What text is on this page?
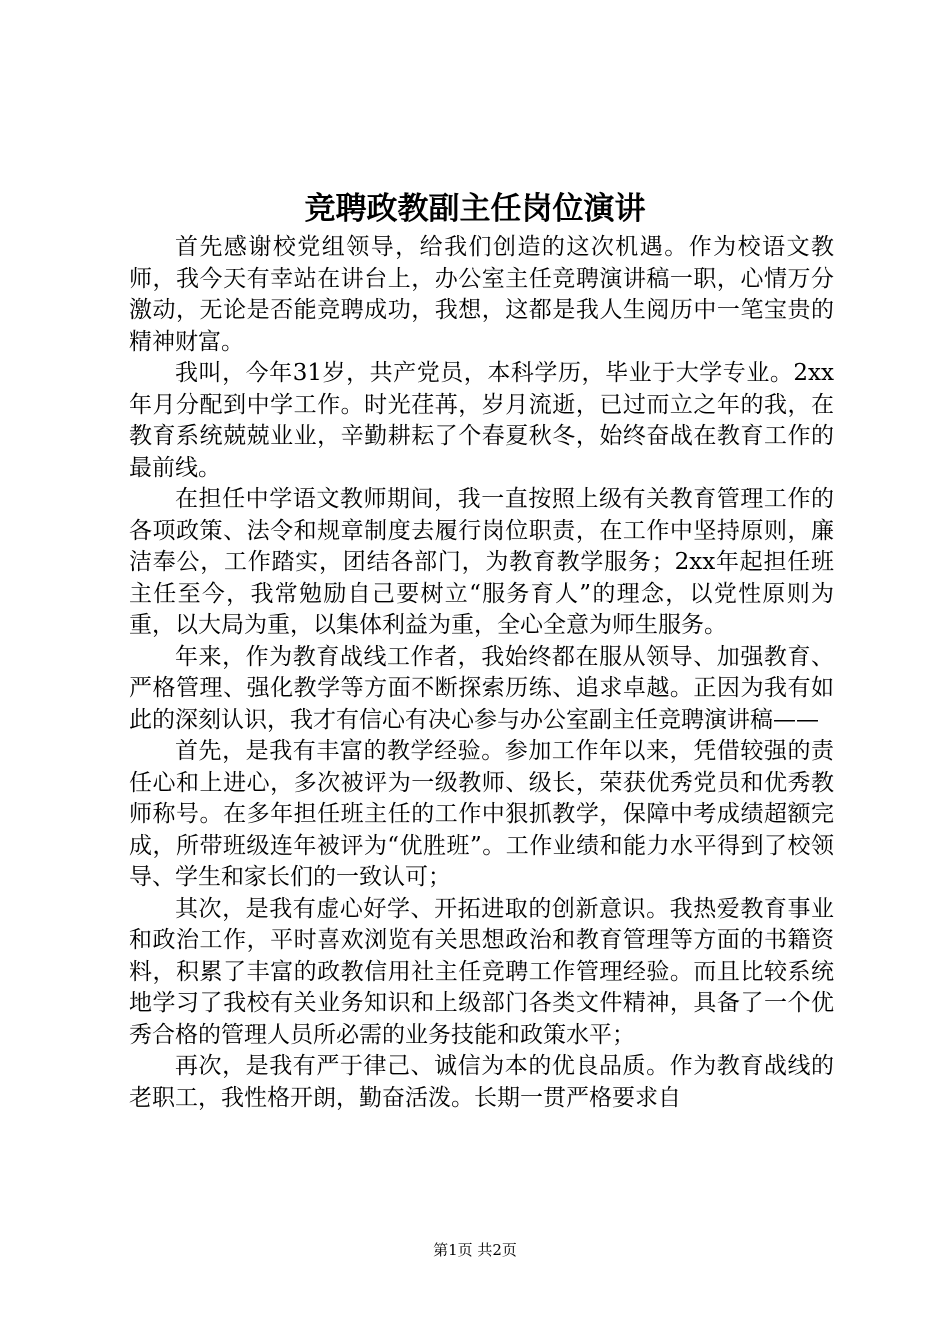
竞聘政教副主任岗位演讲

首先感谢校党组领导，给我们创造的这次机遇。作为校语文教师，我今天有幸站在讲台上，办公室主任竞聘演讲稿一职，心情万分激动，无论是否能竞聘成功，我想，这都是我人生阅历中一笔宝贵的精神财富。

我叫，今年31岁，共产党员，本科学历，毕业于大学专业。2xx年月分配到中学工作。时光荏苒，岁月流逝，已过而立之年的我，在教育系统兢兢业业，辛勤耕耘了个春夏秋冬，始终奋战在教育工作的最前线。

在担任中学语文教师期间，我一直按照上级有关教育管理工作的各项政策、法令和规章制度去履行岗位职责，在工作中坚持原则，廉洁奉公，工作踏实，团结各部门，为教育教学服务；2xx年起担任班主任至今，我常勉励自己要树立“服务育人”的理念，以党性原则为重，以大局为重，以集体利益为重，全心全意为师生服务。

年来，作为教育战线工作者，我始终都在服从领导、加强教育、严格管理、强化教学等方面不断探索历练、追求卓越。正因为我有如此的深刻认识，我才有信心有决心参与办公室副主任竞聘演讲稿——

首先，是我有丰富的教学经验。参加工作年以来，凭借较强的责任心和上进心，多次被评为一级教师、级长，荣获优秀党员和优秀教师称号。在多年担任班主任的工作中狠抓教学，保障中考成绩超额完成，所带班级连年被评为“优胜班”。工作业绩和能力水平得到了校领导、学生和家长们的一致认可；

其次，是我有虚心好学、开拓进取的创新意识。我热爱教育事业和政治工作，平时喜欢浏览有关思想政治和教育管理等方面的书籍资料，积累了丰富的政教信用社主任竞聘工作管理经验。而且比较系统地学习了我校有关业务知识和上级部门各类文件精神，具备了一个优秀合格的管理人员所必需的业务技能和政策水平；

再次，是我有严于律己、诚信为本的优良品质。作为教育战线的老职工，我性格开朗，勤奋活泼。长期一贯严格要求自

第1页 共2页
